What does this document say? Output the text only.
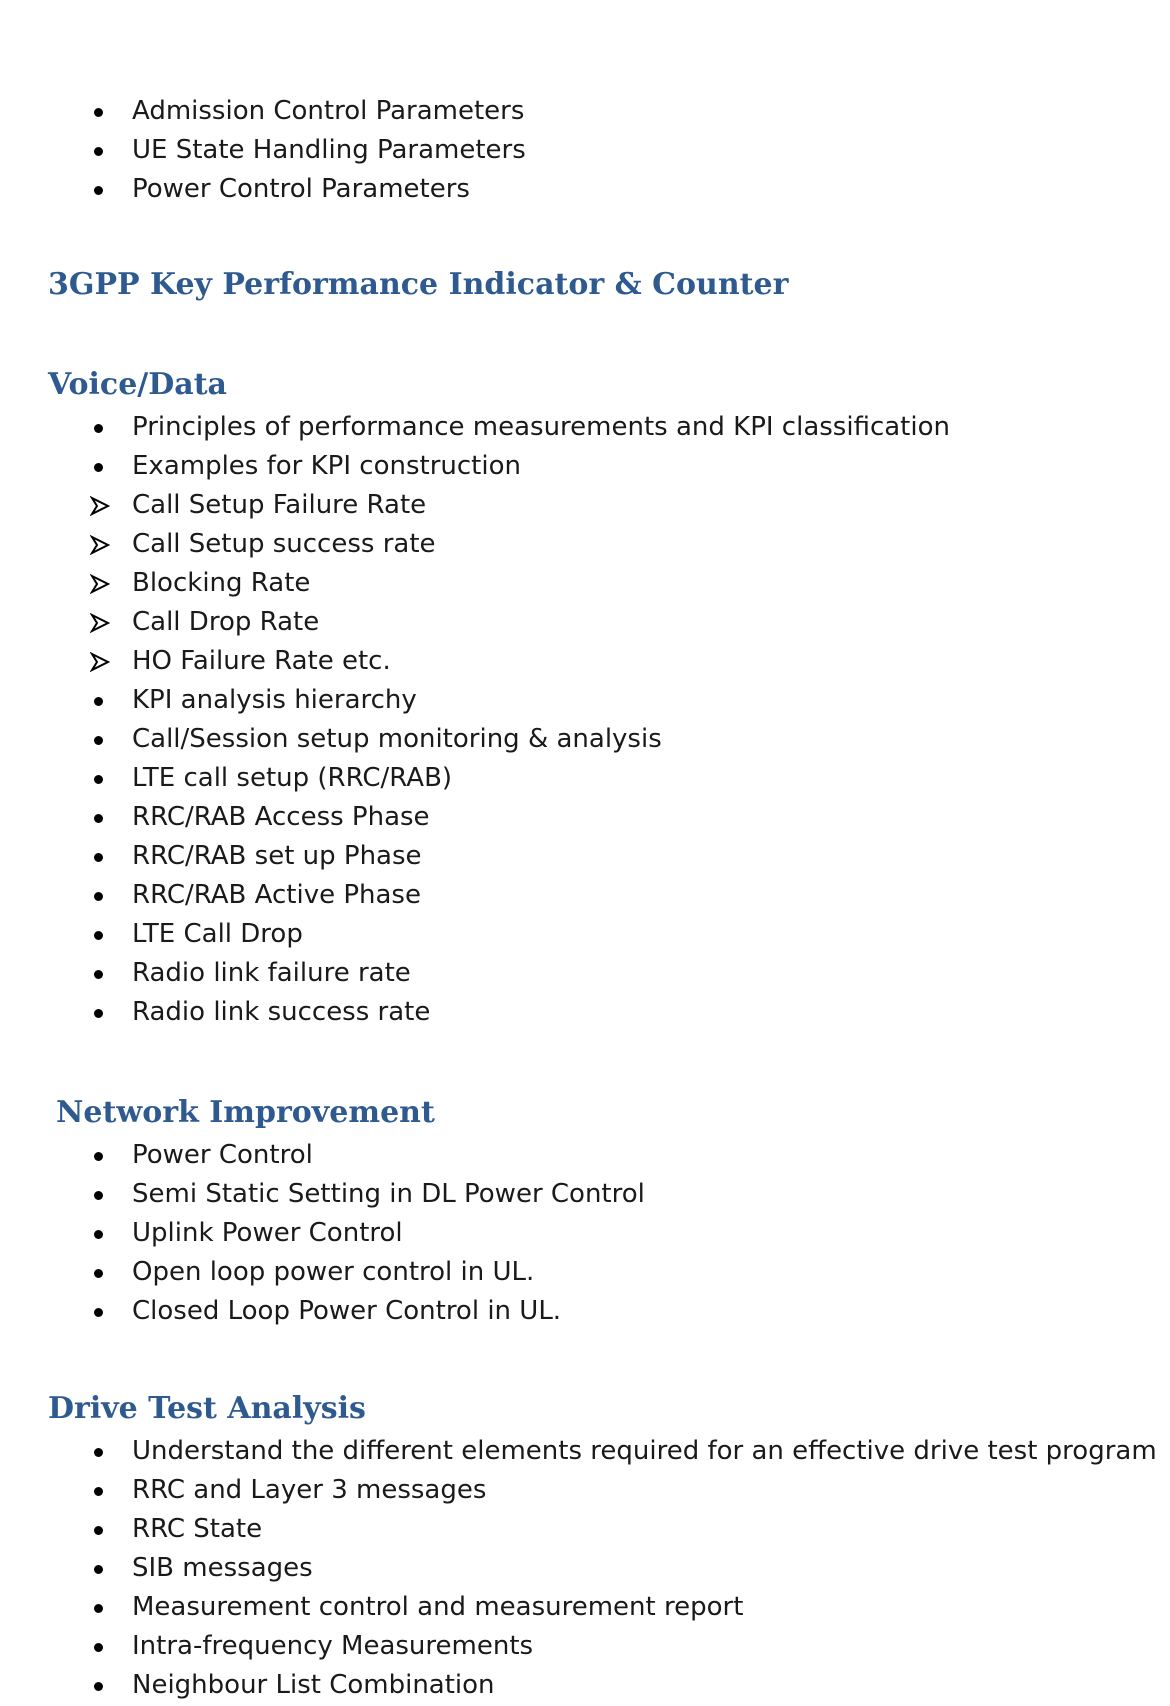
Admission Control Parameters
UE State Handling Parameters
Power Control Parameters
3GPP Key Performance Indicator & Counter
Voice/Data
Principles of performance measurements and KPI classification
Examples for KPI construction
Call Setup Failure Rate
Call Setup success rate
Blocking Rate
Call Drop Rate
HO Failure Rate etc.
KPI analysis hierarchy
Call/Session setup monitoring & analysis
LTE call setup (RRC/RAB)
RRC/RAB Access Phase
RRC/RAB set up Phase
RRC/RAB Active Phase
LTE Call Drop
Radio link failure rate
Radio link success rate
Network Improvement
Power Control
Semi Static Setting in DL Power Control
Uplink Power Control
Open loop power control in UL.
Closed Loop Power Control in UL.
Drive Test Analysis
Understand the different elements required for an effective drive test program
RRC and Layer 3 messages
RRC State
SIB messages
Measurement control and measurement report
Intra-frequency Measurements
Neighbour List Combination
